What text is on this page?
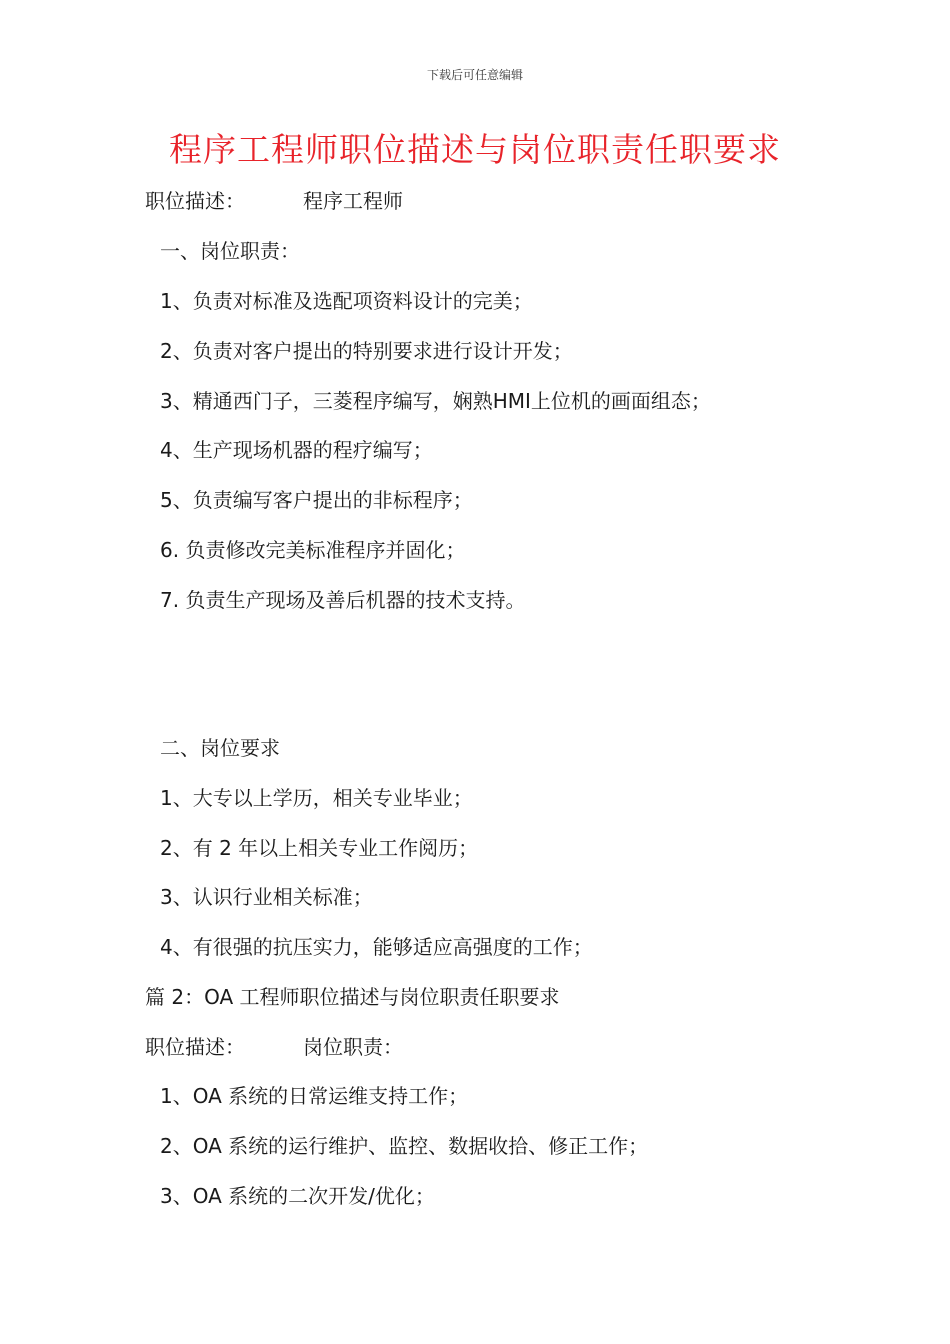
下载后可任意编辑
程序工程师职位描述与岗位职责任职要求
职位描述：	程序工程师
一、岗位职责：
1、负责对标准及选配项资料设计的完美；
2、负责对客户提出的特别要求进行设计开发；
3、精通西门子，三菱程序编写，娴熟HMI上位机的画面组态；
4、生产现场机器的程疗编写；
5、负责编写客户提出的非标程序；
6. 负责修改完美标准程序并固化；
7. 负责生产现场及善后机器的技术支持。
二、岗位要求
1、大专以上学历，相关专业毕业；
2、有 2 年以上相关专业工作阅历；
3、认识行业相关标准；
4、有很强的抗压实力，能够适应高强度的工作；
篇 2：OA 工程师职位描述与岗位职责任职要求
职位描述：	岗位职责：
1、OA 系统的日常运维支持工作；
2、OA 系统的运行维护、监控、数据收拾、修正工作；
3、OA 系统的二次开发/优化；
